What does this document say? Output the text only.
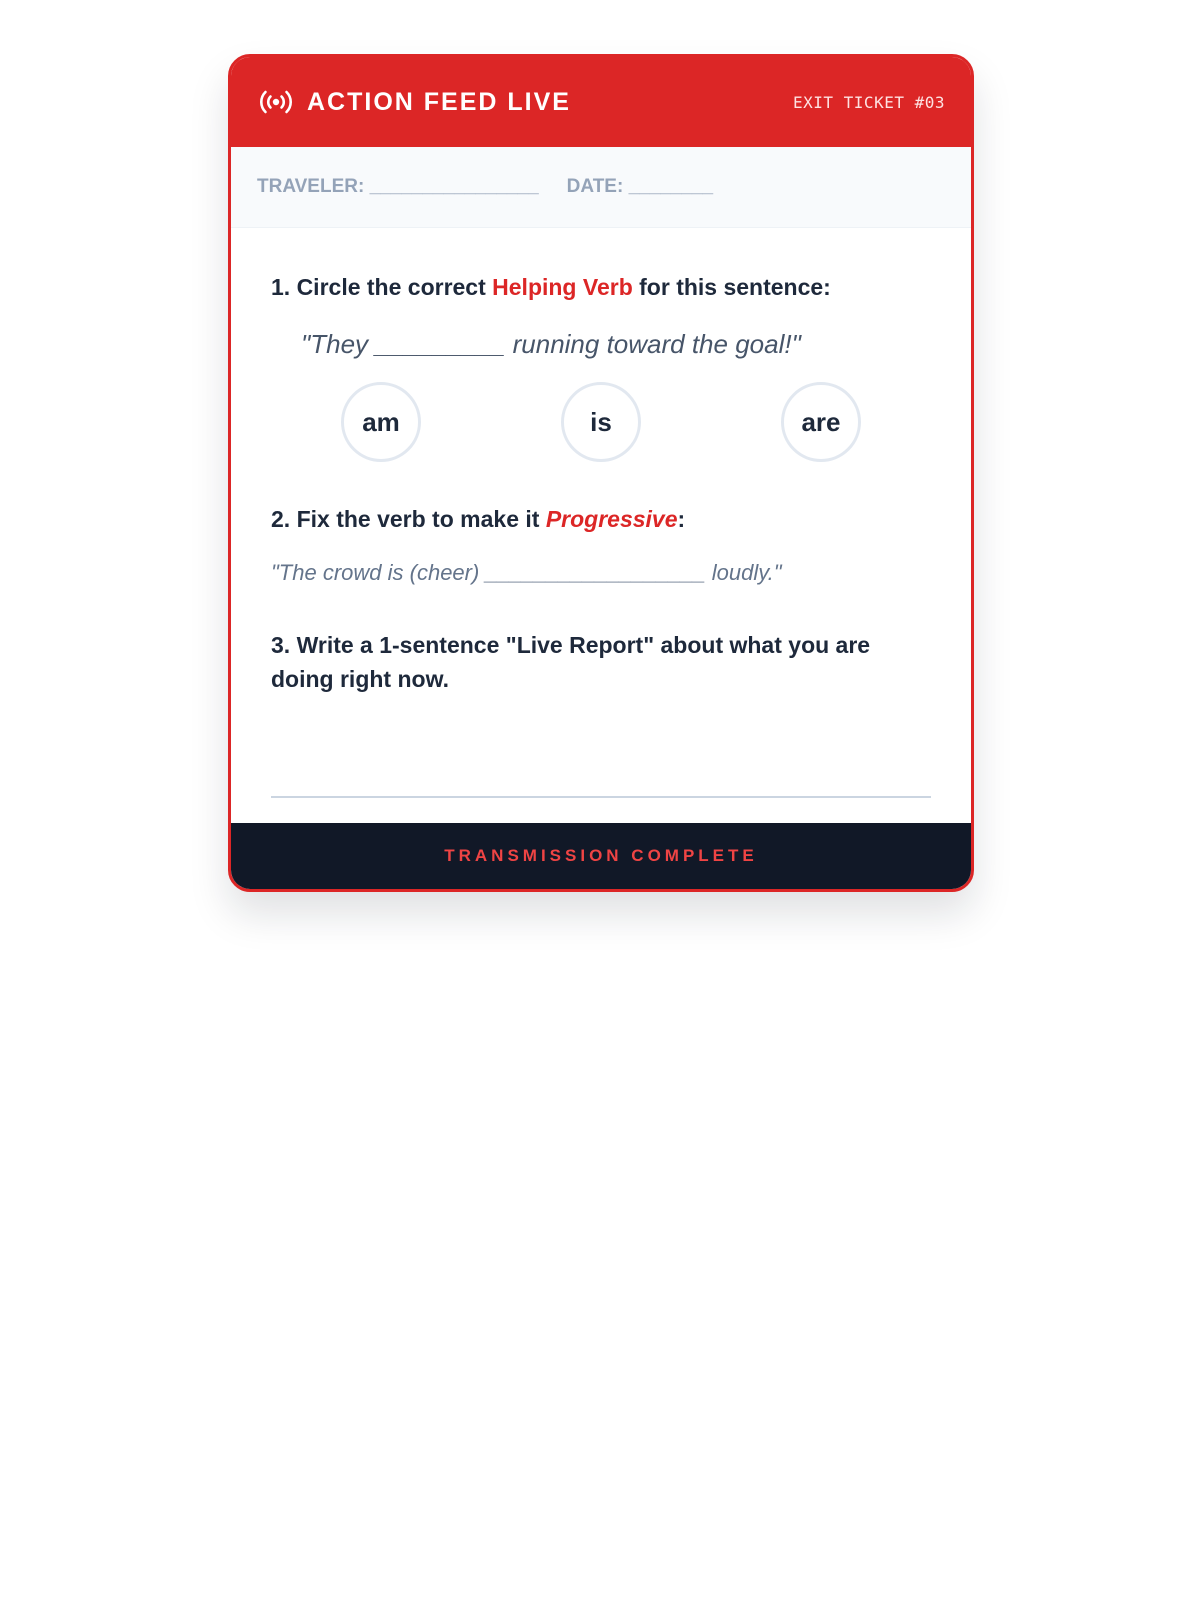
ACTION FEED LIVE	EXIT TICKET #03
TRAVELER: ________________ DATE: ________

1. Circle the correct Helping Verb for this sentence:

"They _________ running toward the goal!"
am	is	are

2. Fix the verb to make it Progressive:

"The crowd is (cheer) __________________ loudly."

3. Write a 1-sentence "Live Report" about what you are doing right now.

TRANSMISSION COMPLETE
